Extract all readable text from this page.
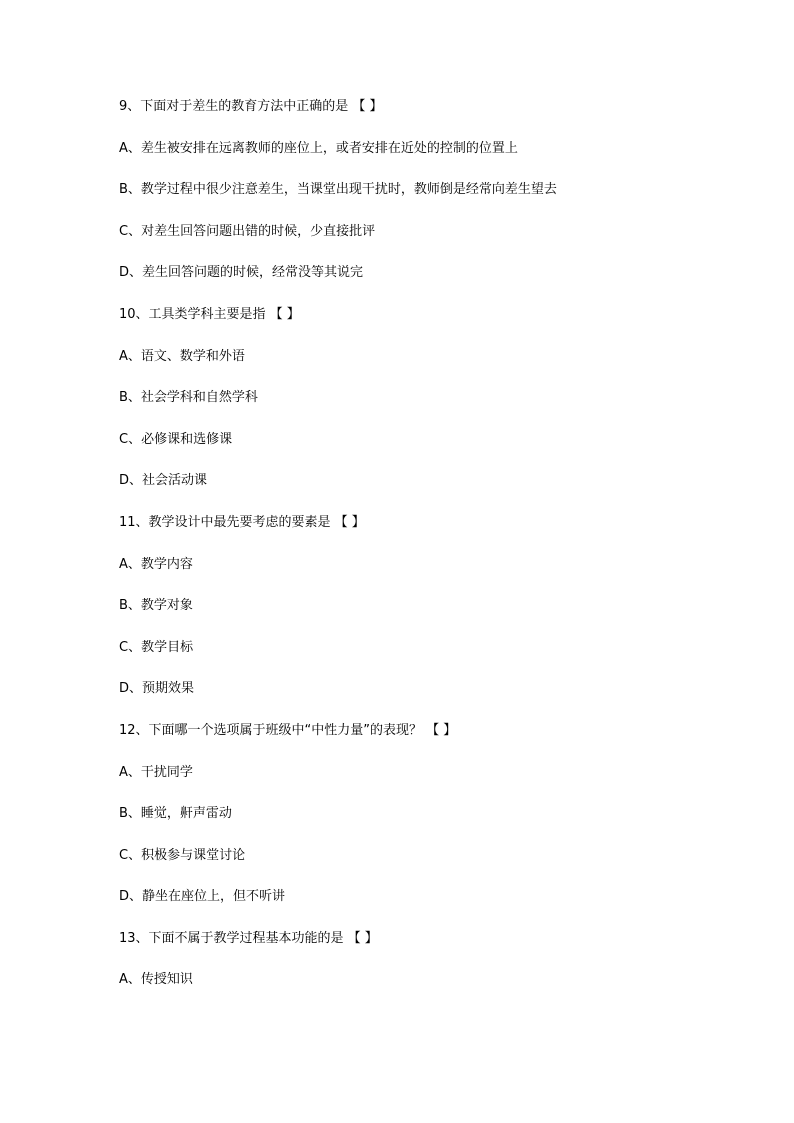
9、下面对于差生的教育方法中正确的是 【 】
A、差生被安排在远离教师的座位上，或者安排在近处的控制的位置上
B、教学过程中很少注意差生，当课堂出现干扰时，教师倒是经常向差生望去
C、对差生回答问题出错的时候，少直接批评
D、差生回答问题的时候，经常没等其说完
10、工具类学科主要是指 【 】
A、语文、数学和外语
B、社会学科和自然学科
C、必修课和选修课
D、社会活动课
11、教学设计中最先要考虑的要素是 【 】
A、教学内容
B、教学对象
C、教学目标
D、预期效果
12、下面哪一个选项属于班级中“中性力量”的表现？ 【 】
A、干扰同学
B、睡觉，鼾声雷动
C、积极参与课堂讨论
D、静坐在座位上，但不听讲
13、下面不属于教学过程基本功能的是 【 】
A、传授知识
